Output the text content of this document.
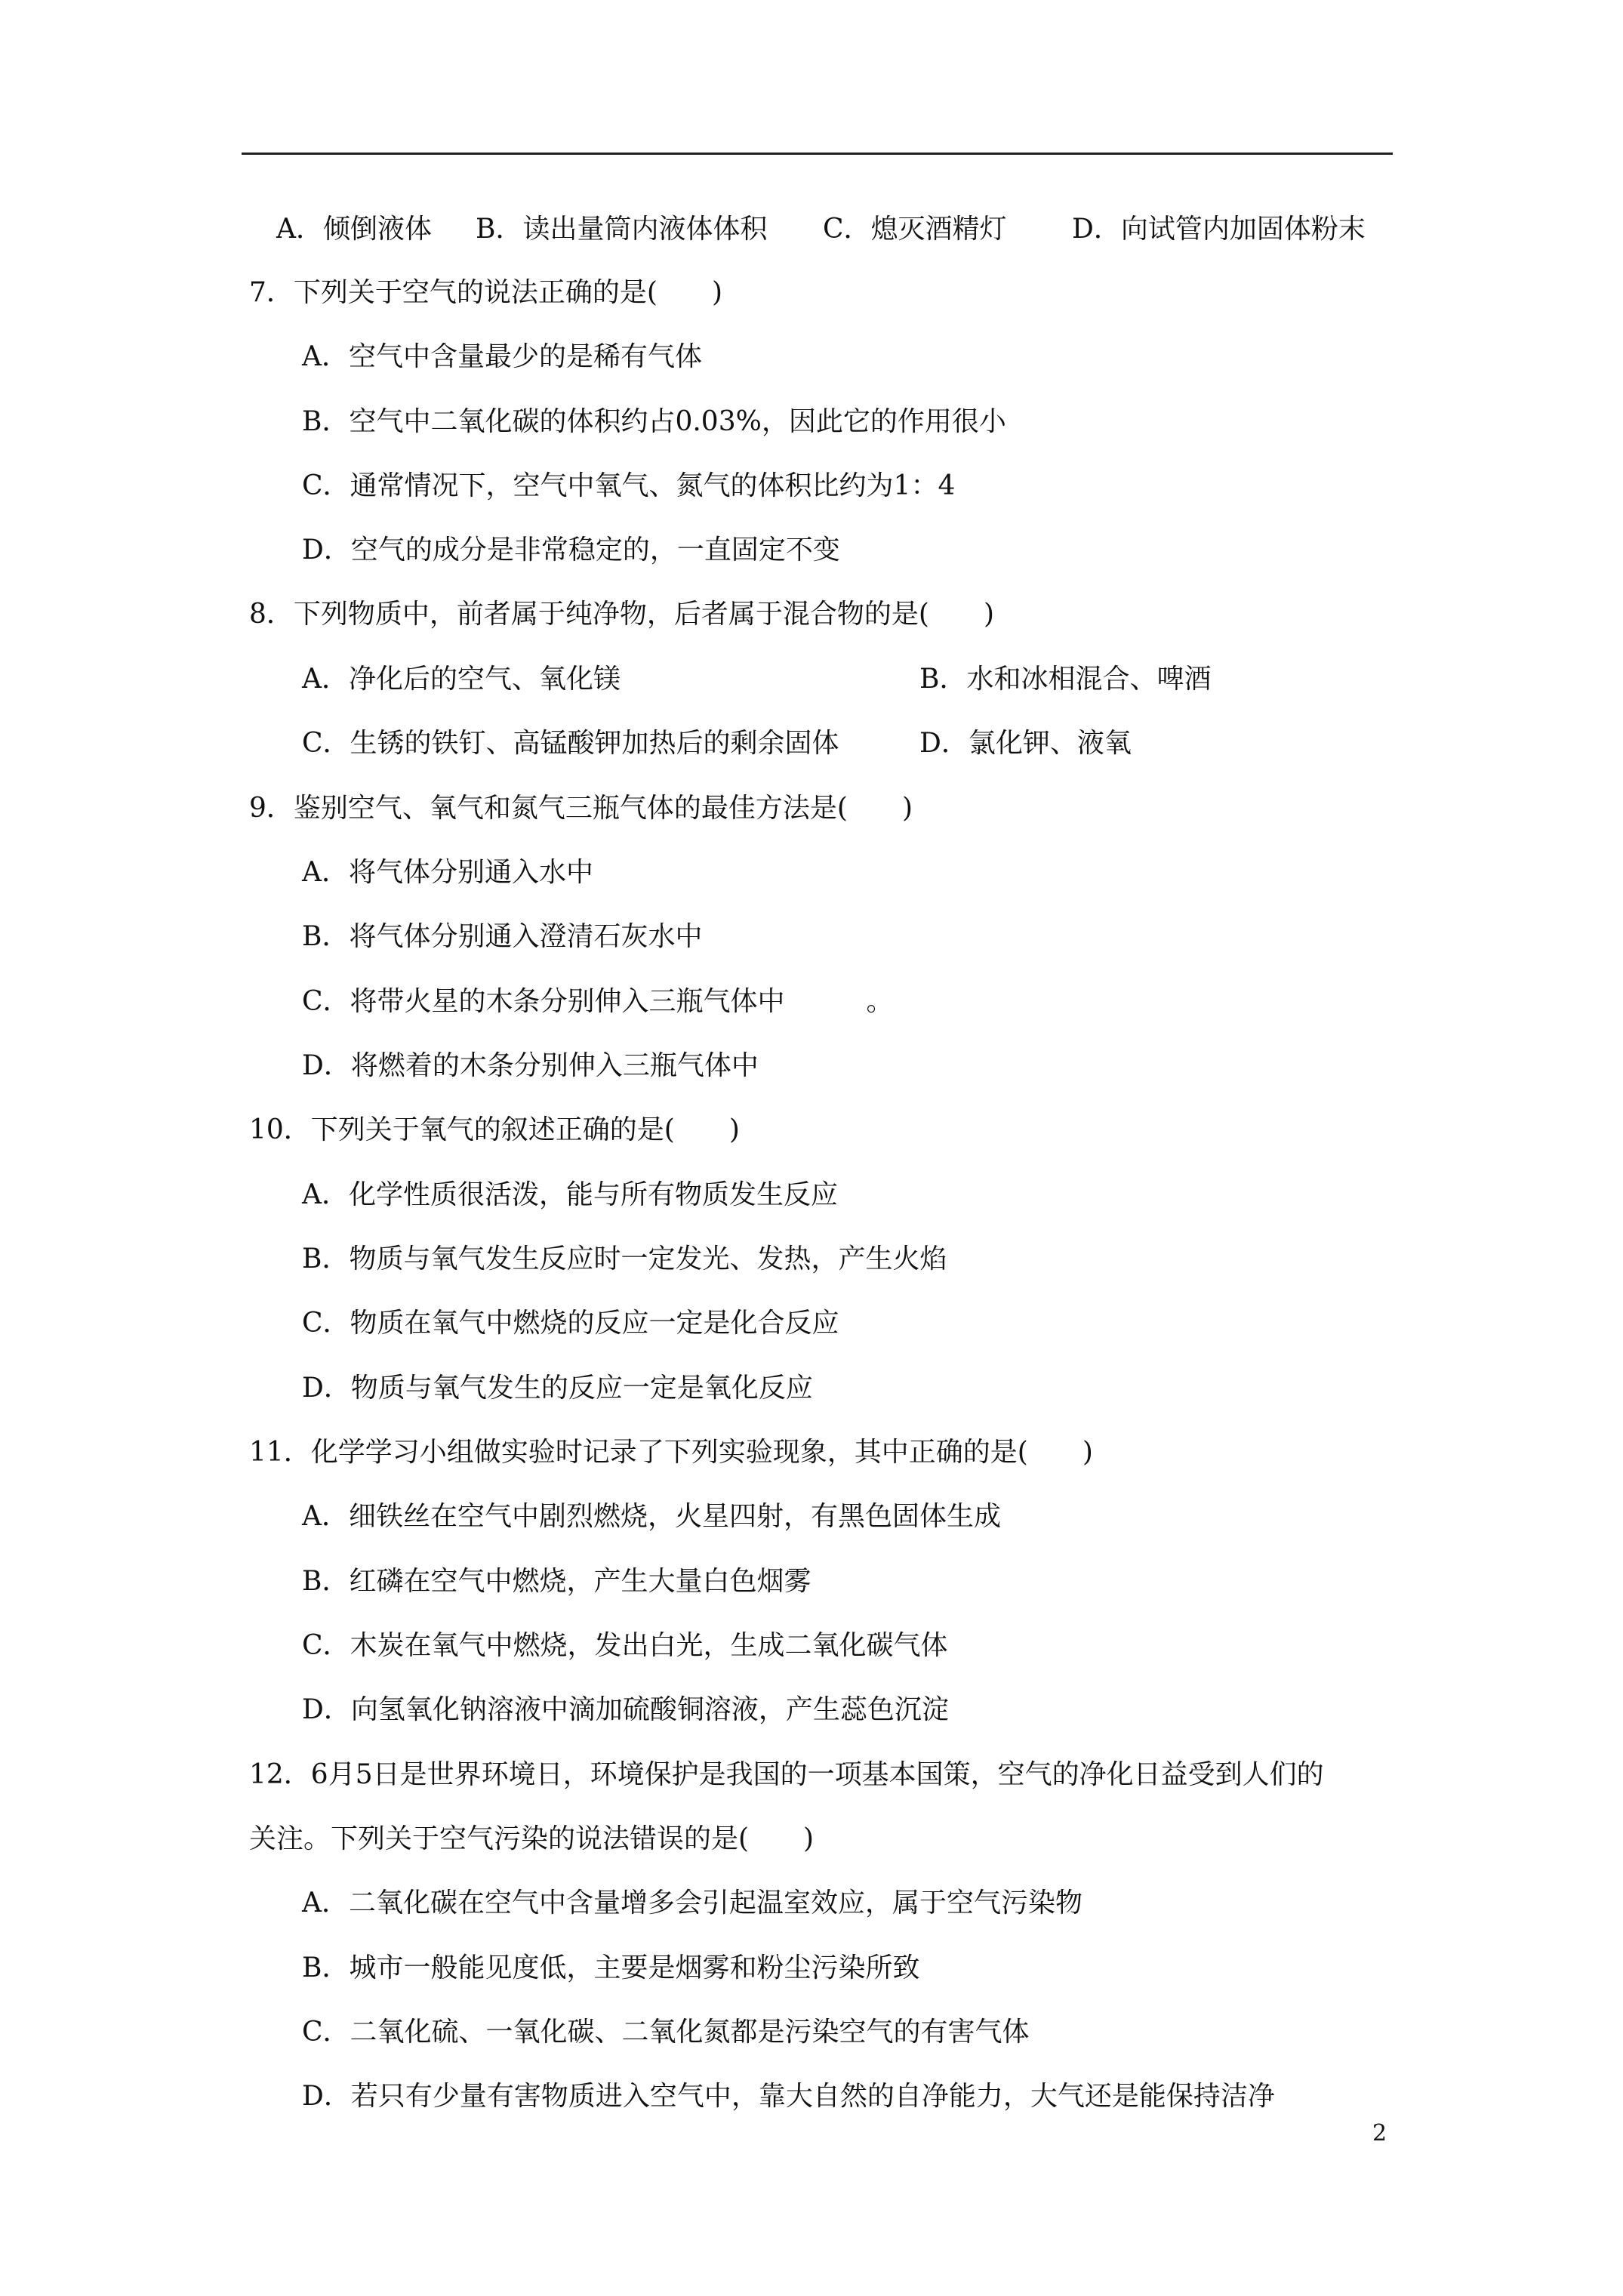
A．倾倒液体 B．读出量筒内液体体积 C．熄灭酒精灯 D．向试管内加固体粉末
7．下列关于空气的说法正确的是(　　)
A．空气中含量最少的是稀有气体
B．空气中二氧化碳的体积约占0.03%，因此它的作用很小
C．通常情况下，空气中氧气、氮气的体积比约为1：4
D．空气的成分是非常稳定的，一直固定不变
8．下列物质中，前者属于纯净物，后者属于混合物的是(　　)
A．净化后的空气、氧化镁	B．水和冰相混合、啤酒
C．生锈的铁钉、高锰酸钾加热后的剩余固体	D．氯化钾、液氧
9．鉴别空气、氧气和氮气三瓶气体的最佳方法是(　　)
A．将气体分别通入水中
B．将气体分别通入澄清石灰水中
C．将带火星的木条分别伸入三瓶气体中　　　。
D．将燃着的木条分别伸入三瓶气体中
10．下列关于氧气的叙述正确的是(　　)
A．化学性质很活泼，能与所有物质发生反应
B．物质与氧气发生反应时一定发光、发热，产生火焰
C．物质在氧气中燃烧的反应一定是化合反应
D．物质与氧气发生的反应一定是氧化反应
11．化学学习小组做实验时记录了下列实验现象，其中正确的是(　　)
A．细铁丝在空气中剧烈燃烧，火星四射，有黑色固体生成
B．红磷在空气中燃烧，产生大量白色烟雾
C．木炭在氧气中燃烧，发出白光，生成二氧化碳气体
D．向氢氧化钠溶液中滴加硫酸铜溶液，产生蕊色沉淀
12．6月5日是世界环境日，环境保护是我国的一项基本国策，空气的净化日益受到人们的
关注。下列关于空气污染的说法错误的是(　　)
A．二氧化碳在空气中含量增多会引起温室效应，属于空气污染物
B．城市一般能见度低，主要是烟雾和粉尘污染所致
C．二氧化硫、一氧化碳、二氧化氮都是污染空气的有害气体
D．若只有少量有害物质进入空气中，靠大自然的自净能力，大气还是能保持洁净
2
